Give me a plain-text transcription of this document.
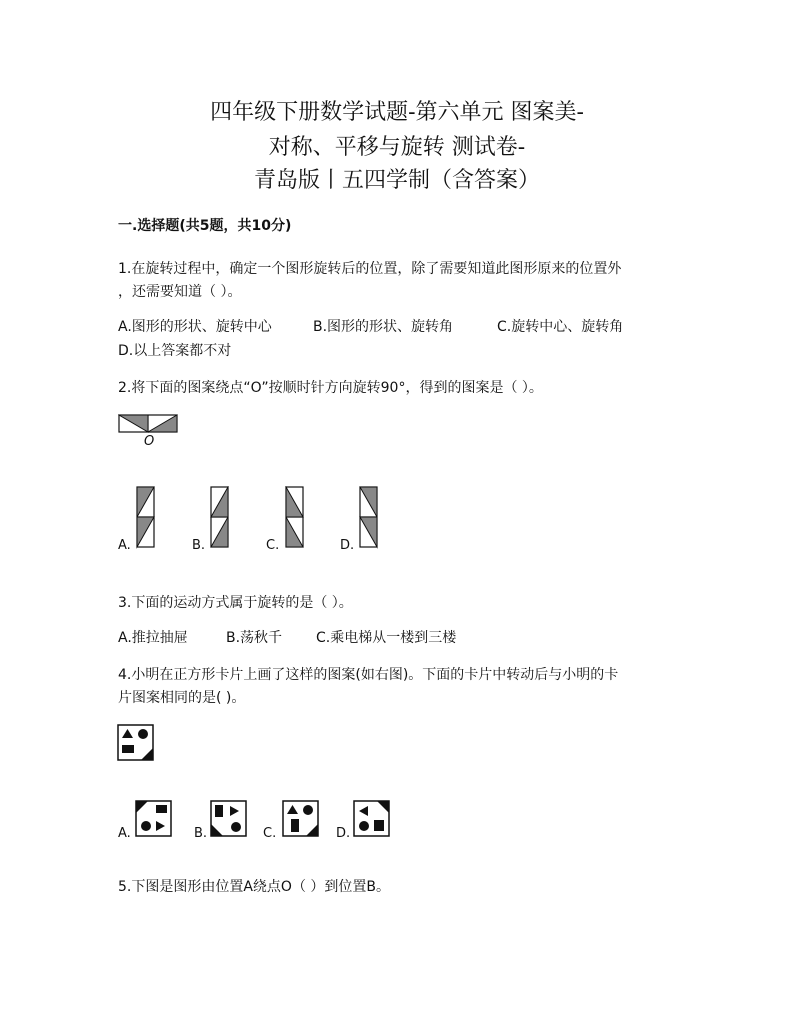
四年级下册数学试题-第六单元 图案美-
对称、平移与旋转 测试卷-
青岛版丨五四学制（含答案）
一.选择题(共5题，共10分)
1.在旋转过程中，确定一个图形旋转后的位置，除了需要知道此图形原来的位置外
，还需要知道（ ）。
A.图形的形状、旋转中心	B.图形的形状、旋转角	C.旋转中心、旋转角
D.以上答案都不对
2.将下面的图案绕点“O”按顺时针方向旋转90°，得到的图案是（ ）。
O
A.	B.	C.	D.
3.下面的运动方式属于旋转的是（ ）。
A.推拉抽屉	B.荡秋千 C.乘电梯从一楼到三楼
4.小明在正方形卡片上画了这样的图案(如右图)。下面的卡片中转动后与小明的卡
片图案相同的是( )。
A.	B.	C.	D.
5.下图是图形由位置A绕点O（ ）到位置B。
